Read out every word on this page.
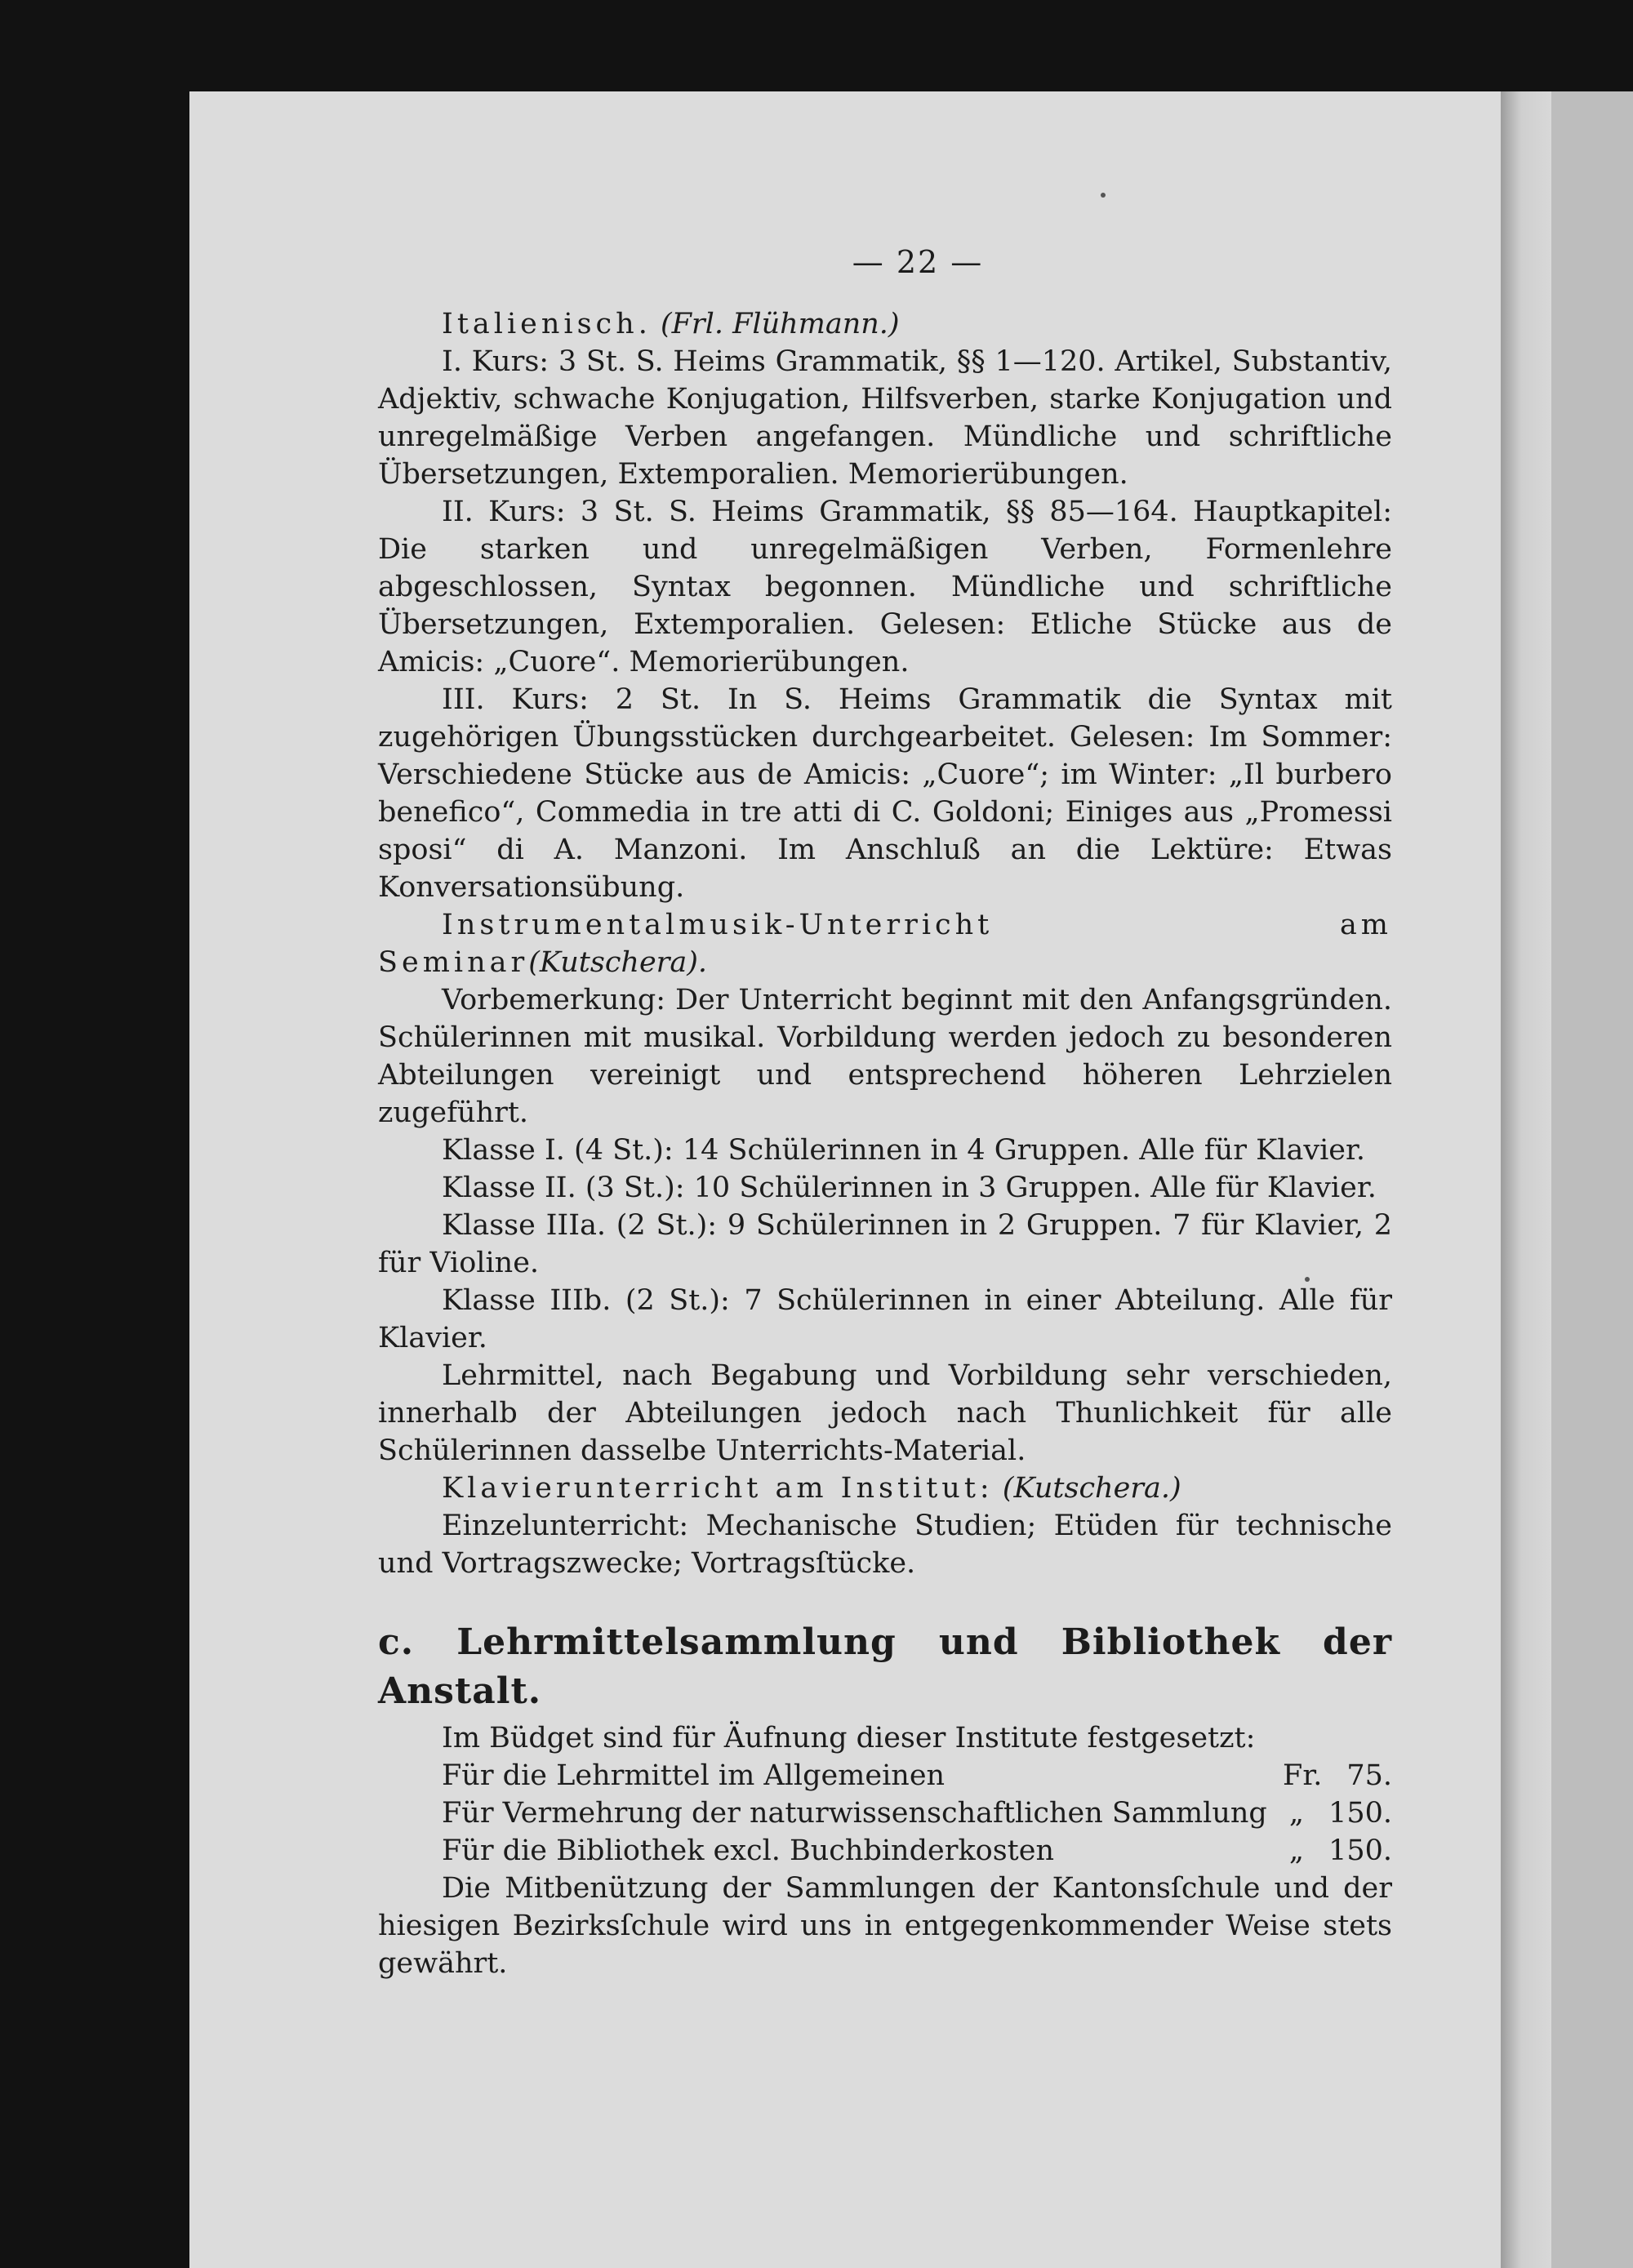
— 22 —

Italienisch. (Frl. Flühmann.)

I. Kurs: 3 St. S. Heims Grammatik, §§ 1—120. Artikel, Substantiv, Adjektiv, schwache Konjugation, Hilfsverben, starke Konjugation und unregelmäßige Verben angefangen. Mündliche und schriftliche Übersetzungen, Extemporalien. Memorierübungen.

II. Kurs: 3 St. S. Heims Grammatik, §§ 85—164. Hauptkapitel: Die starken und unregelmäßigen Verben, Formenlehre abgeschlossen, Syntax begonnen. Mündliche und schriftliche Übersetzungen, Extemporalien. Gelesen: Etliche Stücke aus de Amicis: „Cuore“. Memorierübungen.

III. Kurs: 2 St. In S. Heims Grammatik die Syntax mit zugehörigen Übungsstücken durchgearbeitet. Gelesen: Im Sommer: Verschiedene Stücke aus de Amicis: „Cuore“; im Winter: „Il burbero benefico“, Commedia in tre atti di C. Goldoni; Einiges aus „Promessi sposi“ di A. Manzoni. Im Anschluß an die Lektüre: Etwas Konversationsübung.

Instrumentalmusik-Unterricht am Seminar(Kutschera).

Vorbemerkung: Der Unterricht beginnt mit den Anfangsgründen. Schülerinnen mit musikal. Vorbildung werden jedoch zu besonderen Abteilungen vereinigt und entsprechend höheren Lehrzielen zugeführt.

Klasse I. (4 St.): 14 Schülerinnen in 4 Gruppen. Alle für Klavier.

Klasse II. (3 St.): 10 Schülerinnen in 3 Gruppen. Alle für Klavier.

Klasse IIIa. (2 St.): 9 Schülerinnen in 2 Gruppen. 7 für Klavier, 2 für Violine.

Klasse IIIb. (2 St.): 7 Schülerinnen in einer Abteilung. Alle für Klavier.

Lehrmittel, nach Begabung und Vorbildung sehr verschieden, innerhalb der Abteilungen jedoch nach Thunlichkeit für alle Schülerinnen dasselbe Unterrichts-Material.

Klavierunterricht am Institut: (Kutschera.)

Einzelunterricht: Mechanische Studien; Etüden für technische und Vortragszwecke; Vortragsſtücke.

c. Lehrmittelsammlung und Bibliothek der Anstalt.

Im Büdget sind für Äufnung dieser Institute festgesetzt:

Für die Lehrmittel im Allgemeinen	Fr. 75.
Für Vermehrung der naturwissenschaftlichen Sammlung „ 150.
Für die Bibliothek excl. Buchbinderkosten	„ 150.

Die Mitbenützung der Sammlungen der Kantonsſchule und der hiesigen Bezirksſchule wird uns in entgegenkommender Weise stets gewährt.
